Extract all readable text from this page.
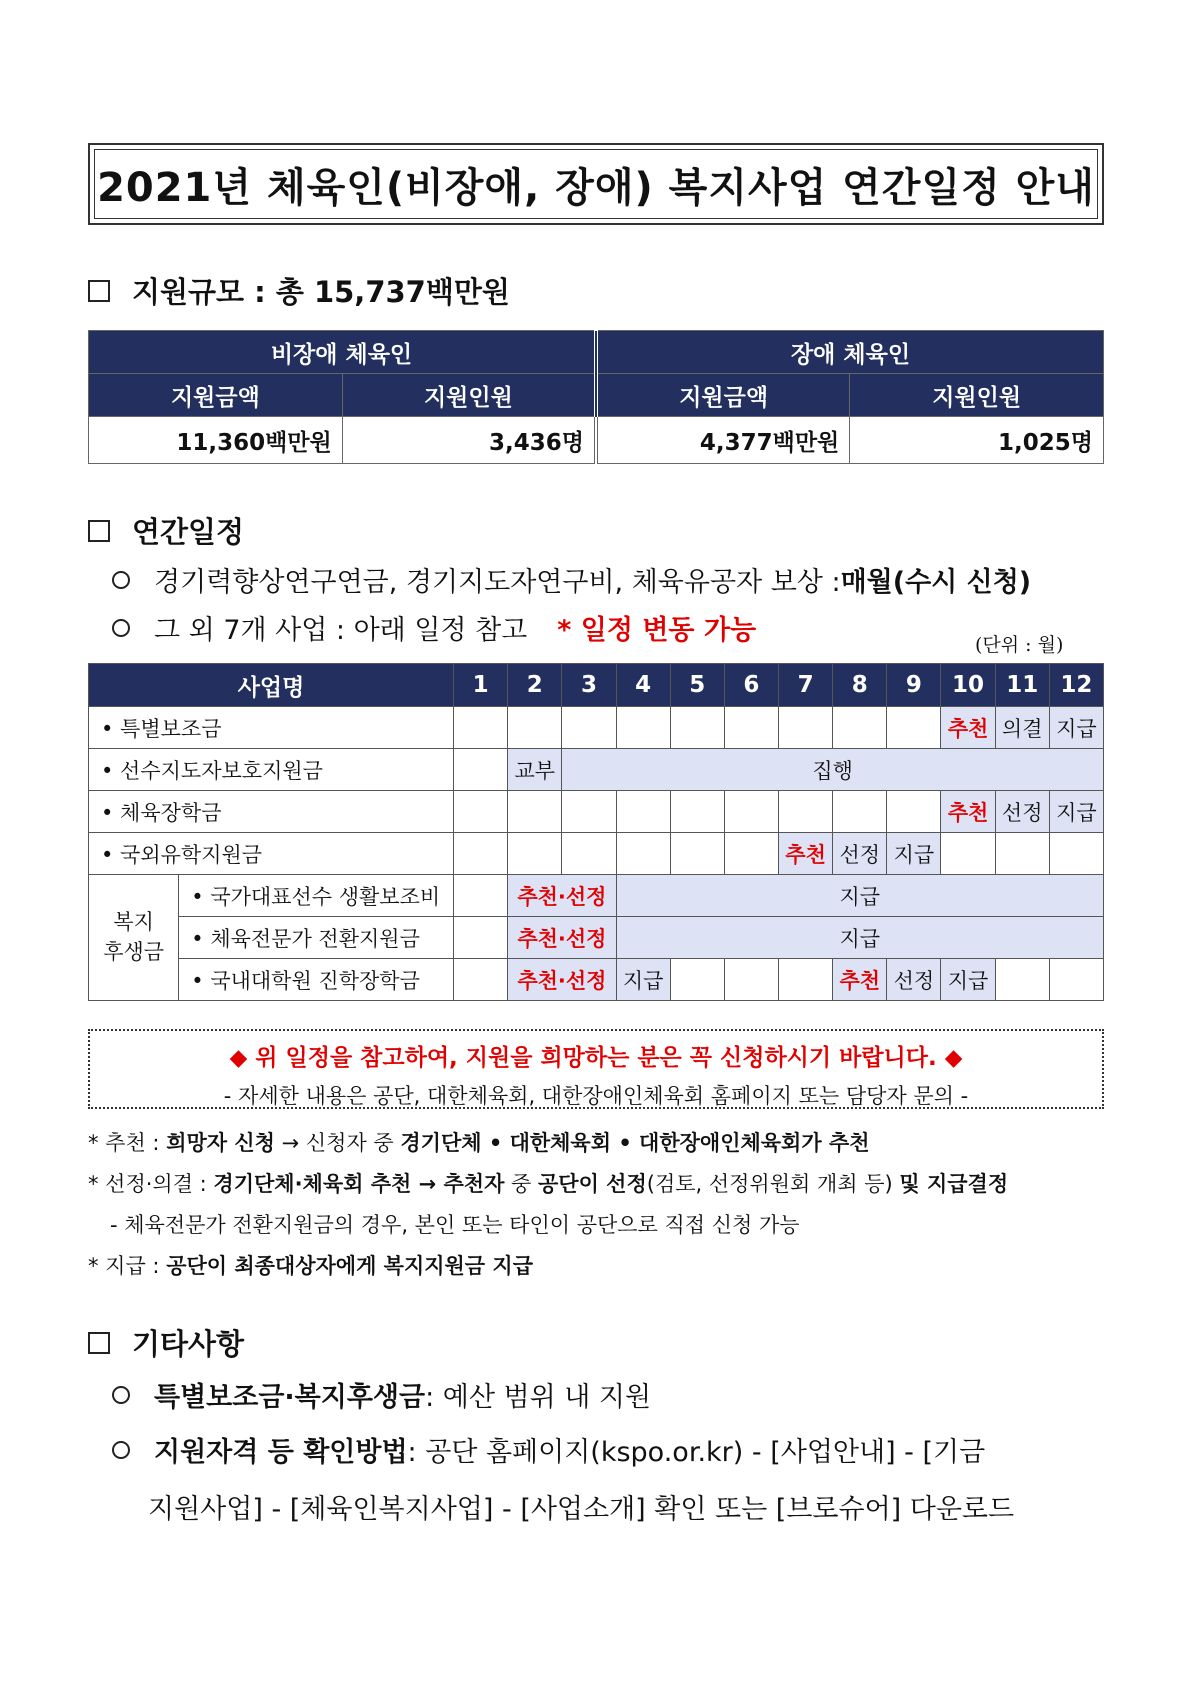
2021년 체육인(비장애, 장애) 복지사업 연간일정 안내
지원규모 : 총 15,737백만원
비장애 체육인		장애 체육인	
지원금액	지원인원	지원금액	지원인원
11,360백만원	3,436명	4,377백만원	1,025명
연간일정
경기력향상연구연금, 경기지도자연구비, 체육유공자 보상 : 매월(수시 신청)
그 외 7개 사업 : 아래 일정 참고 * 일정 변동 가능	(단위 : 월)
사업명		1	2	3	4	5	6	7	8	9	10	11	12
• 특별보조금											추천	의결	지급
• 선수지도자보호지원금			교부	집행									
• 체육장학금											추천	선정	지급
• 국외유학지원금								추천	선정	지급			
복지
후생금	• 국가대표선수 생활보조비		추천·선정		지급								
	• 체육전문가 전환지원금		추천·선정		지급								
	• 국내대학원 진학장학금		추천·선정		지급				추천	선정	지급		
◆ 위 일정을 참고하여, 지원을 희망하는 분은 꼭 신청하시기 바랍니다. ◆
- 자세한 내용은 공단, 대한체육회, 대한장애인체육회 홈페이지 또는 담당자 문의 -
* 추천 : 희망자 신청 → 신청자 중 경기단체 • 대한체육회 • 대한장애인체육회가 추천
* 선정·의결 : 경기단체·체육회 추천 → 추천자 중 공단이 선정(검토, 선정위원회 개최 등) 및 지급결정
- 체육전문가 전환지원금의 경우, 본인 또는 타인이 공단으로 직접 신청 가능
* 지급 : 공단이 최종대상자에게 복지지원금 지급
기타사항
특별보조금·복지후생금 : 예산 범위 내 지원
지원자격 등 확인방법 : 공단 홈페이지(kspo.or.kr) - [사업안내] - [기금
지원사업] - [체육인복지사업] - [사업소개] 확인 또는 [브로슈어] 다운로드
